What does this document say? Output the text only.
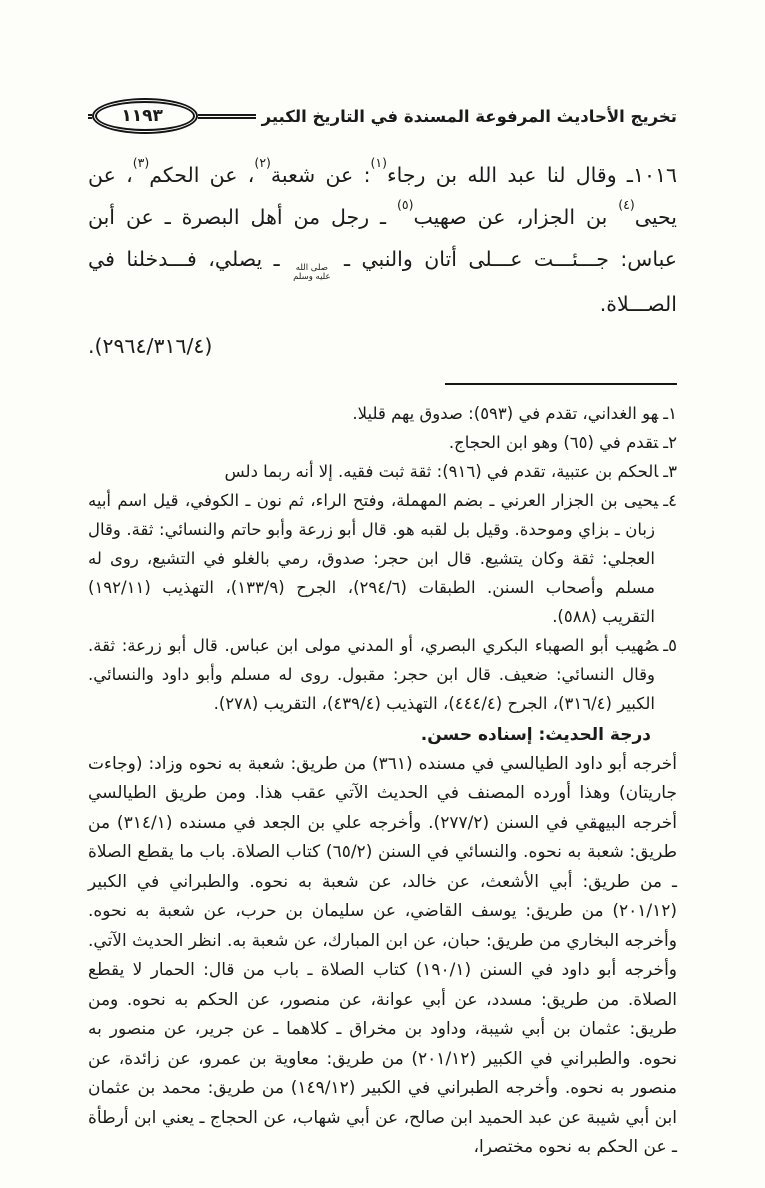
تخريج الأحاديث المرفوعة المسندة في التاريخ الكبير
١١٩٣

١٠١٦ـ وقال لنا عبد الله بن رجاء$^{(١)}$: عن شعبة$^{(٢)}$، عن الحكم$^{(٣)}$، عن يحيى$^{(٤)}$ بن الجزار، عن صهيب$^{(٥)}$ ـ رجل من أهل البصرة ـ عن أبن عباس: جـــئـــت عـــلى أتان والنبي ـ
صلى الله
عليه وسلم
ـ يصلي، فـــدخلنا في الصـــلاة.

(٢٩٦٤/٣١٦/٤).

١ـهو الغداني، تقدم في (٥٩٣): صدوق يهم قليلا.

٢ـتقدم في (٦٥) وهو ابن الحجاج.

٣ـالحكم بن عتبية، تقدم في (٩١٦): ثقة ثبت فقيه. إلا أنه ربما دلس

٤ـيحيى بن الجزار العرني ـ بضم المهملة، وفتح الراء، ثم نون ـ الكوفي، قيل اسم أبيه زبان ـ بزاي وموحدة. وقيل بل لقبه هو. قال أبو زرعة وأبو حاتم والنسائي: ثقة. وقال العجلي: ثقة وكان يتشيع. قال ابن حجر: صدوق، رمي بالغلو في التشيع، روى له مسلم وأصحاب السنن. الطبقات (٢٩٤/٦)، الجرح (١٣٣/٩)، التهذيب (١٩٢/١١) التقريب (٥٨٨).

٥ـصُهيب أبو الصهباء البكري البصري، أو المدني مولى ابن عباس. قال أبو زرعة: ثقة. وقال النسائي: ضعيف. قال ابن حجر: مقبول. روى له مسلم وأبو داود والنسائي. الكبير (٣١٦/٤)، الجرح (٤٤٤/٤)، التهذيب (٤٣٩/٤)، التقريب (٢٧٨).

درجة الحديث: إسناده حسن.

أخرجه أبو داود الطيالسي في مسنده (٣٦١) من طريق: شعبة به نحوه وزاد: (وجاءت جاريتان) وهذا أورده المصنف في الحديث الآتي عقب هذا. ومن طريق الطيالسي أخرجه البيهقي في السنن (٢٧٧/٢). وأخرجه علي بن الجعد في مسنده (٣١٤/١) من طريق: شعبة به نحوه. والنسائي في السنن (٦٥/٢) كتاب الصلاة. باب ما يقطع الصلاة ـ من طريق: أبي الأشعث، عن خالد، عن شعبة به نحوه. والطبراني في الكبير (٢٠١/١٢) من طريق: يوسف القاضي، عن سليمان بن حرب، عن شعبة به نحوه. وأخرجه البخاري من طريق: حبان، عن ابن المبارك، عن شعبة به. انظر الحديث الآتي. وأخرجه أبو داود في السنن (١٩٠/١) كتاب الصلاة ـ باب من قال: الحمار لا يقطع الصلاة. من طريق: مسدد، عن أبي عوانة، عن منصور، عن الحكم به نحوه. ومن طريق: عثمان بن أبي شيبة، وداود بن مخراق ـ كلاهما ـ عن جرير، عن منصور به نحوه. والطبراني في الكبير (٢٠١/١٢) من طريق: معاوية بن عمرو، عن زائدة، عن منصور به نحوه. وأخرجه الطبراني في الكبير (١٤٩/١٢) من طريق: محمد بن عثمان ابن أبي شيبة عن عبد الحميد ابن صالح، عن أبي شهاب، عن الحجاج ـ يعني ابن أرطأة ـ عن الحكم به نحوه مختصرا،
